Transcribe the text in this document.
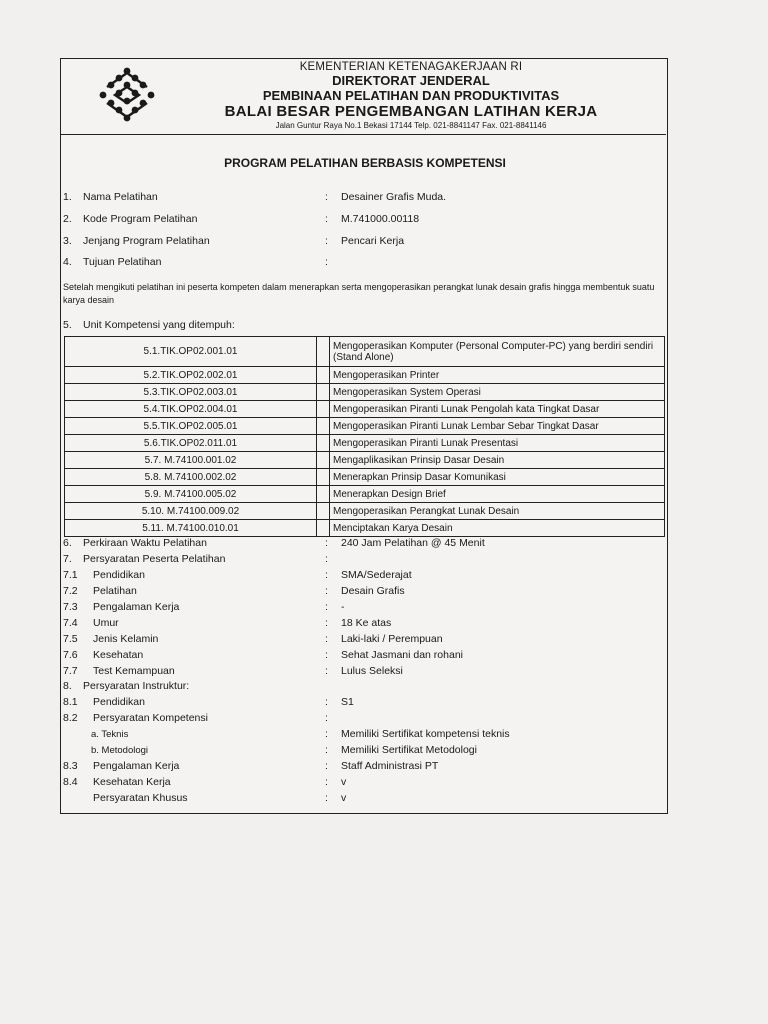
KEMENTERIAN KETENAGAKERJAAN RI
DIREKTORAT JENDERAL
PEMBINAAN PELATIHAN DAN PRODUKTIVITAS
BALAI BESAR PENGEMBANGAN LATIHAN KERJA
Jalan Guntur Raya No.1 Bekasi 17144 Telp. 021-8841147 Fax. 021-8841146
PROGRAM PELATIHAN BERBASIS KOMPETENSI
1. Nama Pelatihan	: Desainer Grafis Muda.
2. Kode Program Pelatihan	: M.741000.00118
3. Jenjang Program Pelatihan	: Pencari Kerja
4. Tujuan Pelatihan	:
Setelah mengikuti pelatihan ini peserta kompeten dalam menerapkan serta mengoperasikan perangkat lunak desain grafis hingga membentuk suatu karya desain
5. Unit Kompetensi yang ditempuh:
5.1.TIK.OP02.001.01		Mengoperasikan Komputer (Personal Computer-PC) yang berdiri sendiri (Stand Alone)
5.2.TIK.OP02.002.01		Mengoperasikan Printer
5.3.TIK.OP02.003.01		Mengoperasikan System Operasi
5.4.TIK.OP02.004.01		Mengoperasikan Piranti Lunak Pengolah kata Tingkat Dasar
5.5.TIK.OP02.005.01		Mengoperasikan Piranti Lunak Lembar Sebar Tingkat Dasar
5.6.TIK.OP02.011.01		Mengoperasikan Piranti Lunak Presentasi
5.7. M.74100.001.02		Mengaplikasikan Prinsip Dasar Desain
5.8. M.74100.002.02		Menerapkan Prinsip Dasar Komunikasi
5.9. M.74100.005.02		Menerapkan Design Brief
5.10. M.74100.009.02		Mengoperasikan Perangkat Lunak Desain
5.11. M.74100.010.01		Menciptakan Karya Desain
6. Perkiraan Waktu Pelatihan	: 240 Jam Pelatihan @ 45 Menit
7. Persyaratan Peserta Pelatihan	:
7.1 Pendidikan	: SMA/Sederajat
7.2 Pelatihan	: Desain Grafis
7.3 Pengalaman Kerja	: -
7.4 Umur	: 18 Ke atas
7.5 Jenis Kelamin	: Laki-laki / Perempuan
7.6 Kesehatan	: Sehat Jasmani dan rohani
7.7 Test Kemampuan	: Lulus Seleksi
8. Persyaratan Instruktur:
8.1 Pendidikan	: S1
8.2 Persyaratan Kompetensi	:
a. Teknis	: Memiliki Sertifikat kompetensi teknis
b. Metodologi	: Memiliki Sertifikat Metodologi
8.3 Pengalaman Kerja	: Staff Administrasi PT
8.4 Kesehatan Kerja	: v
Persyaratan Khusus	: v
